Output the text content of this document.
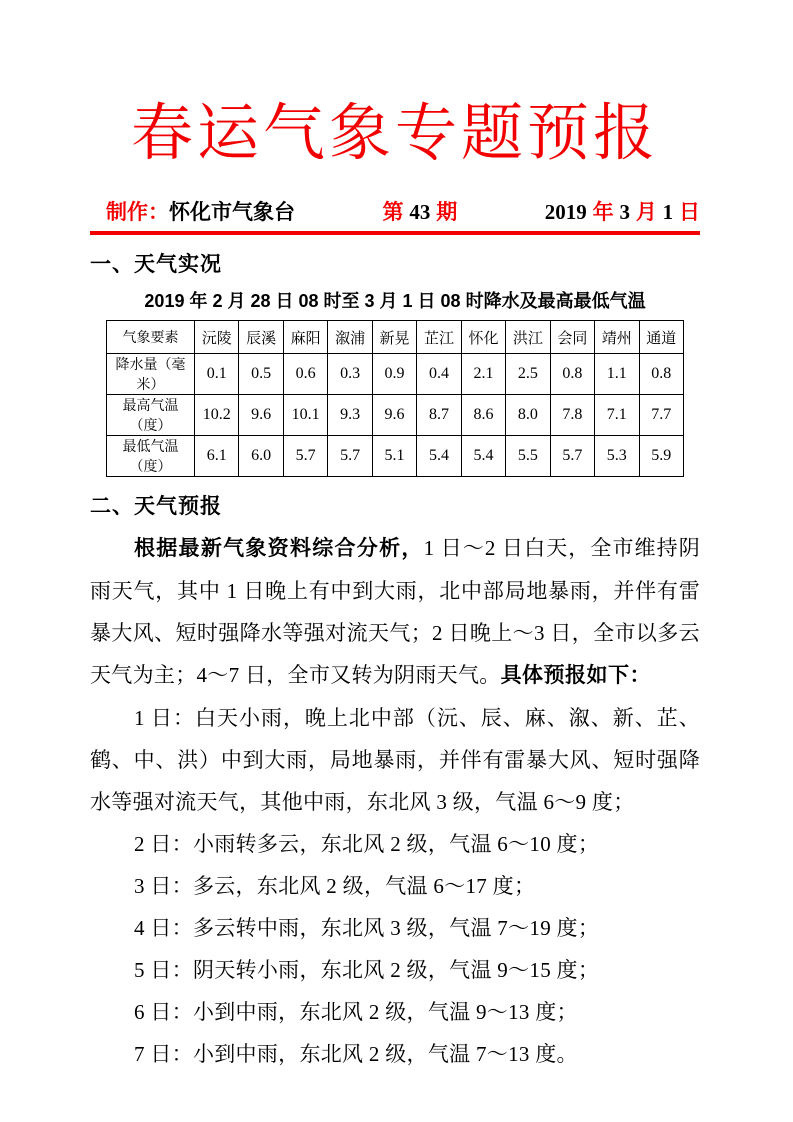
春运气象专题预报
制作：怀化市气象台	第 43 期	2019 年 3 月 1 日
一、天气实况
2019 年 2 月 28 日 08 时至 3 月 1 日 08 时降水及最高最低气温
气象要素	沅陵	辰溪	麻阳	溆浦	新晃	芷江	怀化	洪江	会同	靖州	通道
降水量（毫米）	0.1	0.5	0.6	0.3	0.9	0.4	2.1	2.5	0.8	1.1	0.8
最高气温（度）	10.2	9.6	10.1	9.3	9.6	8.7	8.6	8.0	7.8	7.1	7.7
最低气温（度）	6.1	6.0	5.7	5.7	5.1	5.4	5.4	5.5	5.7	5.3	5.9
二、天气预报

根据最新气象资料综合分析，1 日～2 日白天，全市维持阴雨天气，其中 1 日晚上有中到大雨，北中部局地暴雨，并伴有雷暴大风、短时强降水等强对流天气；2 日晚上～3 日，全市以多云天气为主；4～7 日，全市又转为阴雨天气。具体预报如下：

1 日：白天小雨，晚上北中部（沅、辰、麻、溆、新、芷、鹤、中、洪）中到大雨，局地暴雨，并伴有雷暴大风、短时强降水等强对流天气，其他中雨，东北风 3 级，气温 6～9 度；

2 日：小雨转多云，东北风 2 级，气温 6～10 度；

3 日：多云，东北风 2 级，气温 6～17 度；

4 日：多云转中雨，东北风 3 级，气温 7～19 度；

5 日：阴天转小雨，东北风 2 级，气温 9～15 度；

6 日：小到中雨，东北风 2 级，气温 9～13 度；

7 日：小到中雨，东北风 2 级，气温 7～13 度。
